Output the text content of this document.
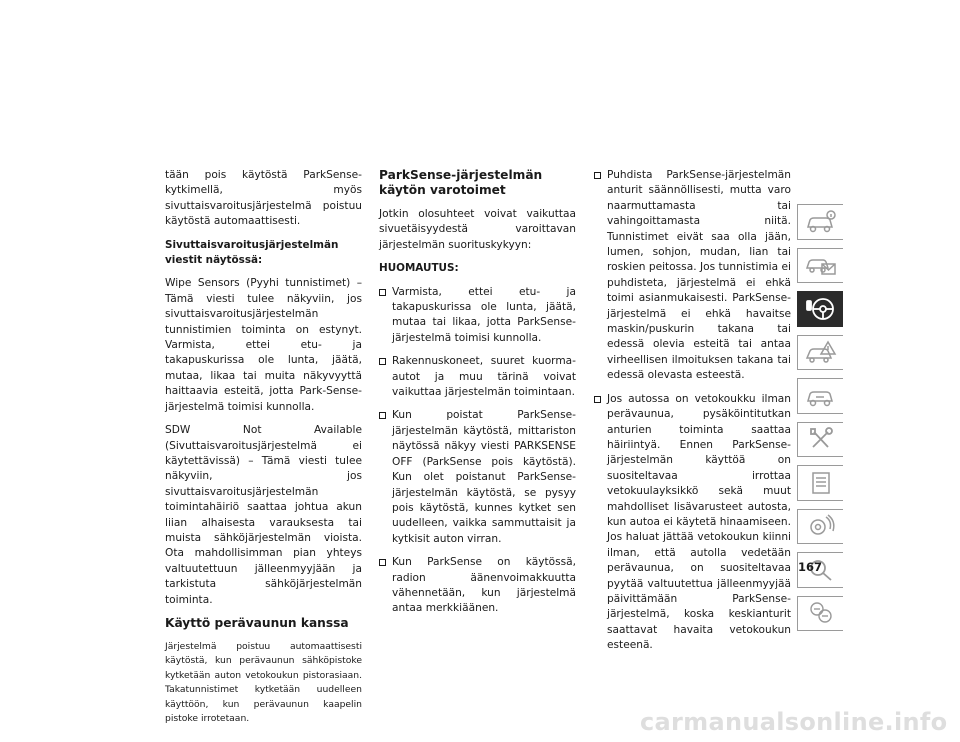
tään pois käytöstä ParkSense-kytkimellä, myös sivuttaisvaroitusjärjestelmä poistuu käytöstä automaattisesti.

Sivuttaisvaroitusjärjestelmän viestit näytössä:

Wipe Sensors (Pyyhi tunnistimet) – Tämä viesti tulee näkyviin, jos sivuttaisvaroitusjärjestelmän tunnistimien toiminta on estynyt. Varmista, ettei etu- ja takapuskurissa ole lunta, jäätä, mutaa, likaa tai muita näkyvyyttä haittaavia esteitä, jotta Park-Sense-järjestelmä toimisi kunnolla.

SDW Not Available (Sivuttaisvaroitusjärjestelmä ei käytettävissä) – Tämä viesti tulee näkyviin, jos sivuttaisvaroitusjärjestelmän toimintahäiriö saattaa johtua akun liian alhaisesta varauksesta tai muista sähköjärjestelmän vioista. Ota mahdollisimman pian yhteys valtuutettuun jälleenmyyjään ja tarkistuta sähköjärjestelmän toiminta.

Käyttö perävaunun kanssa

Järjestelmä poistuu automaattisesti käytöstä, kun perävaunun sähköpistoke kytketään auton vetokoukun pistorasiaan. Takatunnistimet kytketään uudelleen käyttöön, kun perävaunun kaapelin pistoke irrotetaan.

ParkSense-järjestelmän käytön varotoimet

Jotkin olosuhteet voivat vaikuttaa sivuetäisyydestä varoittavan järjestelmän suorituskykyyn:

HUOMAUTUS:
Varmista, ettei etu- ja takapuskurissa ole lunta, jäätä, mutaa tai likaa, jotta ParkSense-järjestelmä toimisi kunnolla.
Rakennuskoneet, suuret kuorma-autot ja muu tärinä voivat vaikuttaa järjestelmän toimintaan.
Kun poistat ParkSense-järjestelmän käytöstä, mittariston näytössä näkyy viesti PARKSENSE OFF (ParkSense pois käytöstä). Kun olet poistanut ParkSense-järjestelmän käytöstä, se pysyy pois käytöstä, kunnes kytket sen uudelleen, vaikka sammuttaisit ja kytkisit auton virran.
Kun ParkSense on käytössä, radion äänenvoimakkuutta vähennetään, kun järjestelmä antaa merkkiäänen.
Puhdista ParkSense-järjestelmän anturit säännöllisesti, mutta varo naarmuttamasta tai vahingoittamasta niitä. Tunnistimet eivät saa olla jään, lumen, sohjon, mudan, lian tai roskien peitossa. Jos tunnistimia ei puhdisteta, järjestelmä ei ehkä toimi asianmukaisesti. ParkSense-järjestelmä ei ehkä havaitse maskin/puskurin takana tai edessä olevia esteitä tai antaa virheellisen ilmoituksen takana tai edessä olevasta esteestä.
Jos autossa on vetokoukku ilman perävaunua, pysäköintitutkan anturien toiminta saattaa häiriintyä. Ennen ParkSense-järjestelmän käyttöä on suositeltavaa irrottaa vetokuulayksikkö sekä muut mahdolliset lisävarusteet autosta, kun autoa ei käytetä hinaamiseen. Jos haluat jättää vetokoukun kiinni ilman, että autolla vedetään perävaunua, on suositeltavaa pyytää valtuutettua jälleenmyyjää päivittämään ParkSense-järjestelmä, koska keskianturit saattavat havaita vetokoukun esteenä.
167
carmanualsonline.info
